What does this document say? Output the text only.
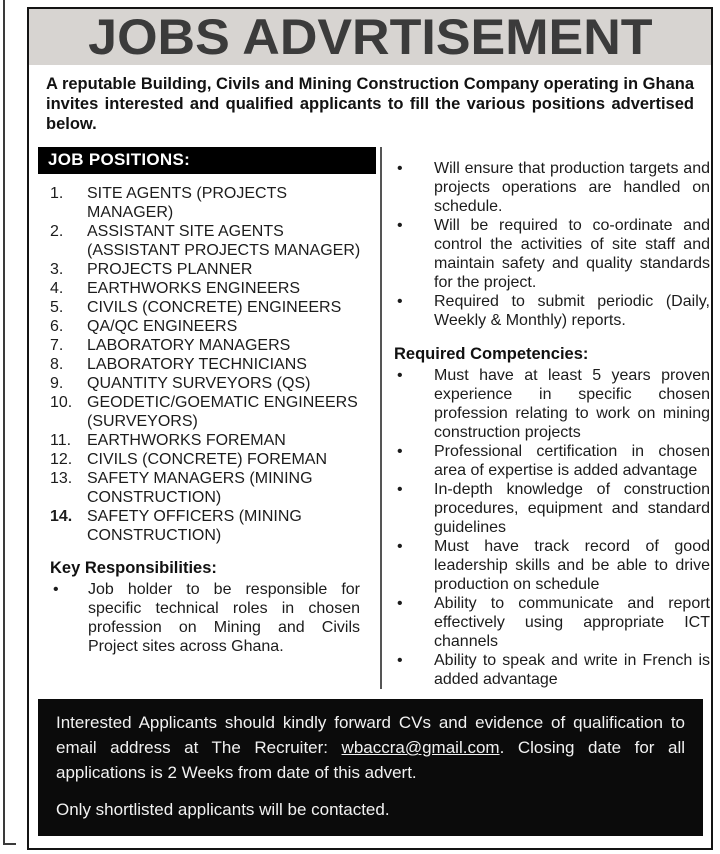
JOBS ADVRTISEMENT

A reputable Building, Civils and Mining Construction Company operating in Ghana invites interested and qualified applicants to fill the various positions advertised below.

JOB POSITIONS:
1.	SITE AGENTS (PROJECTS MANAGER)
2.	ASSISTANT SITE AGENTS (ASSISTANT PROJECTS MANAGER)
3.	PROJECTS PLANNER
4.	EARTHWORKS ENGINEERS
5.	CIVILS (CONCRETE) ENGINEERS
6.	QA/QC ENGINEERS
7.	LABORATORY MANAGERS
8.	LABORATORY TECHNICIANS
9.	QUANTITY SURVEYORS (QS)
10. GEODETIC/GOEMATIC ENGINEERS (SURVEYORS)
11. EARTHWORKS FOREMAN
12. CIVILS (CONCRETE) FOREMAN
13. SAFETY MANAGERS (MINING CONSTRUCTION)
14. SAFETY OFFICERS (MINING CONSTRUCTION)
Key Responsibilities:
•	Job holder to be responsible for specific technical roles in chosen profession on Mining and Civils Project sites across Ghana.

•	Will ensure that production targets and projects operations are handled on schedule.

•	Will be required to co-ordinate and control the activities of site staff and maintain safety and quality standards for the project.

•	Required to submit periodic (Daily, Weekly & Monthly) reports.

Required Competencies:
•	Must have at least 5 years proven experience in specific chosen profession relating to work on mining construction projects

•	Professional certification in chosen area of expertise is added advantage

•	In-depth knowledge of construction procedures, equipment and standard guidelines

•	Must have track record of good leadership skills and be able to drive production on schedule

•	Ability to communicate and report effectively using appropriate ICT channels

•	Ability to speak and write in French is added advantage

Interested Applicants should kindly forward CVs and evidence of qualification to email address at The Recruiter: wbaccra@gmail.com. Closing date for all applications is 2 Weeks from date of this advert.

Only shortlisted applicants will be contacted.
